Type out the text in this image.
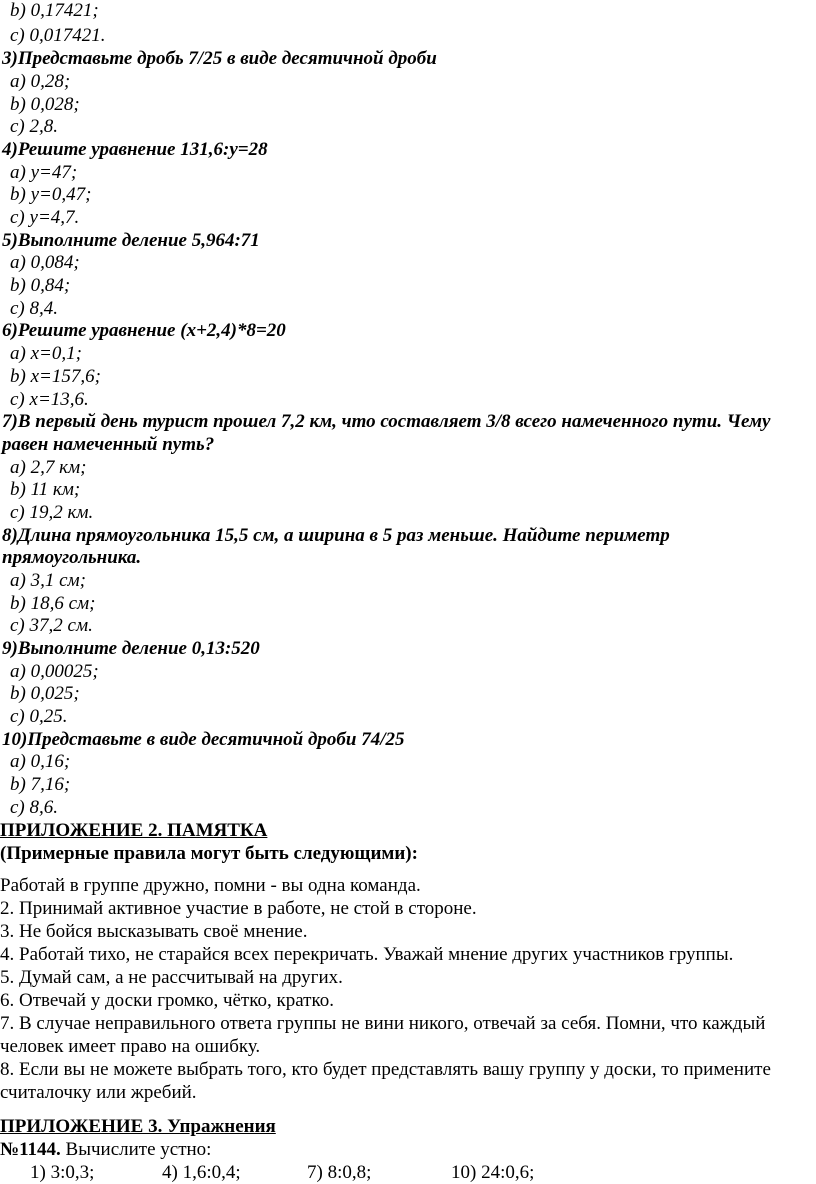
b) 0,17421;
c) 0,017421.
3)Представьте дробь 7/25 в виде десятичной дроби
a) 0,28;
b) 0,028;
c) 2,8.
4)Решите уравнение 131,6:y=28
a) y=47;
b) y=0,47;
c) y=4,7.
5)Выполните деление 5,964:71
a) 0,084;
b) 0,84;
c) 8,4.
6)Решите уравнение (x+2,4)*8=20
a) x=0,1;
b) x=157,6;
c) x=13,6.
7)В первый день турист прошел 7,2 км, что составляет 3/8 всего намеченного пути. Чему
равен намеченный путь?
a) 2,7 км;
b) 11 км;
c) 19,2 км.
8)Длина прямоугольника 15,5 см, а ширина в 5 раз меньше. Найдите периметр
прямоугольника.
a) 3,1 см;
b) 18,6 см;
c) 37,2 см.
9)Выполните деление 0,13:520
a) 0,00025;
b) 0,025;
c) 0,25.
10)Представьте в виде десятичной дроби 74/25
a) 0,16;
b) 7,16;
c) 8,6.
ПРИЛОЖЕНИЕ 2. ПАМЯТКА
(Примерные правила могут быть следующими):
Работай в группе дружно, помни - вы одна команда.
2. Принимай активное участие в работе, не стой в стороне.
3. Не бойся высказывать своё мнение.
4. Работай тихо, не старайся всех перекричать. Уважай мнение других участников группы.
5. Думай сам, а не рассчитывай на других.
6. Отвечай у доски громко, чётко, кратко.
7. В случае неправильного ответа группы не вини никого, отвечай за себя. Помни, что каждый
человек имеет право на ошибку.
8. Если вы не можете выбрать того, кто будет представлять вашу группу у доски, то примените
считалочку или жребий.
ПРИЛОЖЕНИЕ 3. Упражнения
№1144. Вычислите устно:
1) 3:0,3;	4) 1,6:0,4;	7) 8:0,8;	10) 24:0,6;
